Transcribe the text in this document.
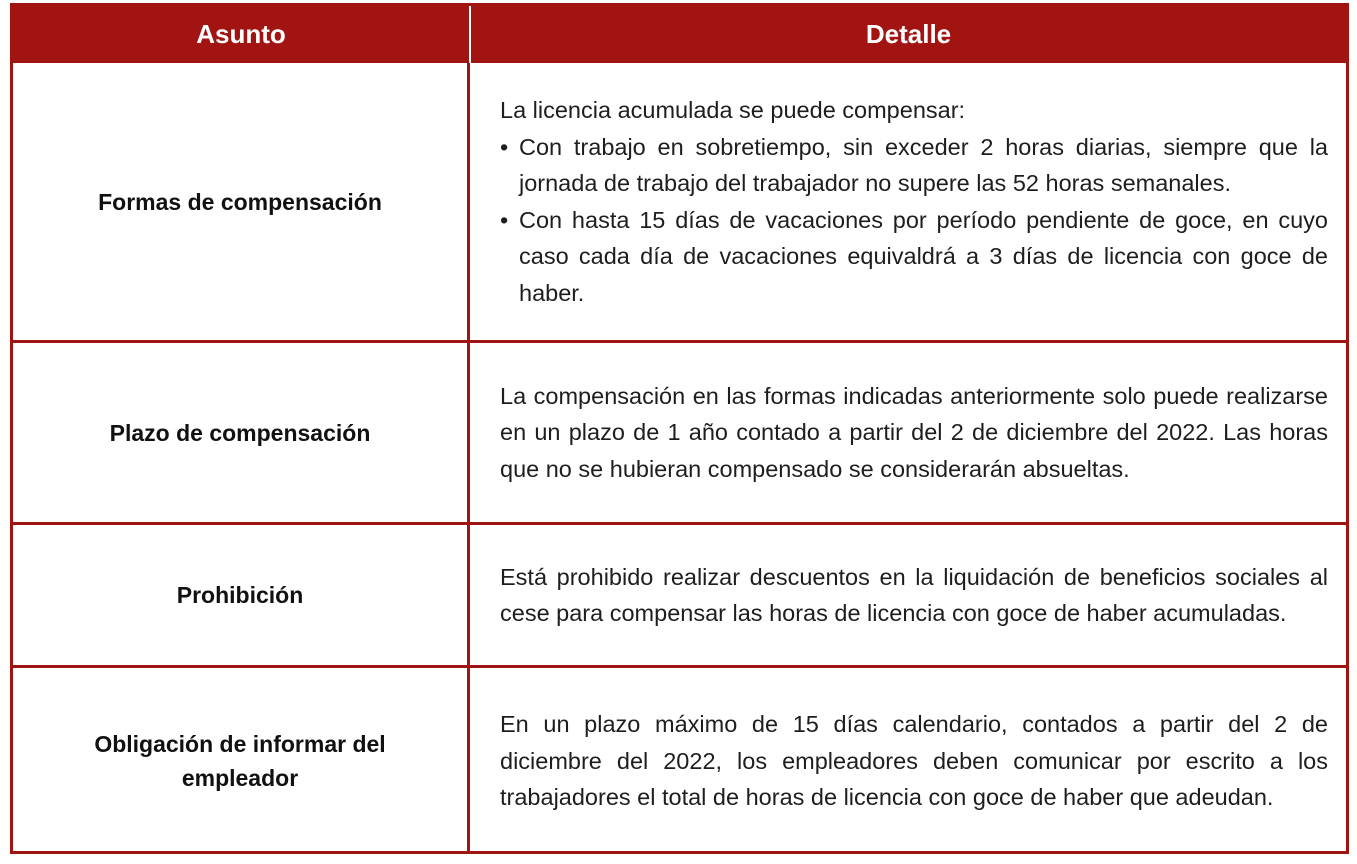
Asunto	Detalle
Formas de compensación

La licencia acumulada se puede compensar:

• Con trabajo en sobretiempo, sin exceder 2 horas diarias, siempre que la jornada de trabajo del trabajador no supere las 52 horas semanales.
• Con hasta 15 días de vacaciones por período pendiente de goce, en cuyo caso cada día de vacaciones equivaldrá a 3 días de licencia con goce de haber.
Plazo de compensación
La compensación en las formas indicadas anteriormente solo puede realizarse en un plazo de 1 año contado a partir del 2 de diciembre del 2022. Las horas que no se hubieran compensado se considerarán absueltas.
Prohibición
Está prohibido realizar descuentos en la liquidación de beneficios sociales al cese para compensar las horas de licencia con goce de haber acumuladas.
Obligación de informar del empleador
En un plazo máximo de 15 días calendario, contados a partir del 2 de diciembre del 2022, los empleadores deben comunicar por escrito a los trabajadores el total de horas de licencia con goce de haber que adeudan.
